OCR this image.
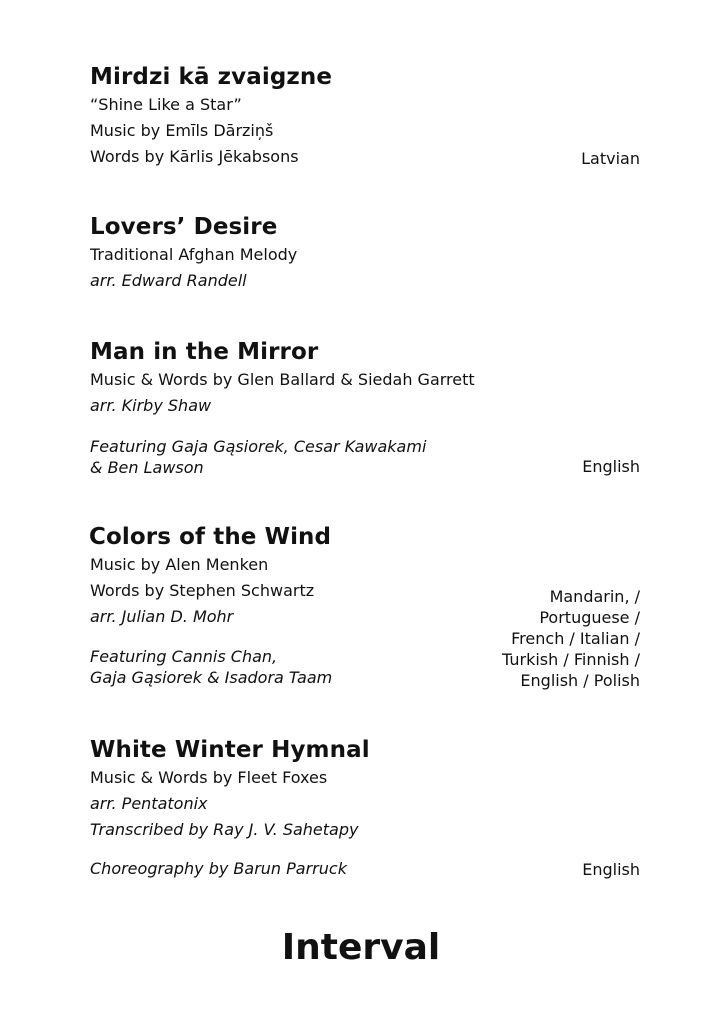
Mirdzi kā zvaigzne

“Shine Like a Star”

Music by Emīls Dārziņš

Words by Kārlis Jēkabsons	Latvian
Lovers’ Desire

Traditional Afghan Melody

arr. Edward Randell

Man in the Mirror

Music & Words by Glen Ballard & Siedah Garrett

arr. Kirby Shaw

Featuring Gaja Gąsiorek, Cesar Kawakami

& Ben Lawson	English
Colors of the Wind

Music by Alen Menken

Words by Stephen Schwartz

arr. Julian D. Mohr

Featuring Cannis Chan,

Gaja Gąsiorek & Isadora Taam

Mandarin, /
Portuguese /
French / Italian /
Turkish / Finnish /
English / Polish
White Winter Hymnal

Music & Words by Fleet Foxes

arr. Pentatonix

Transcribed by Ray J. V. Sahetapy

Choreography by Barun Parruck	English
Interval
